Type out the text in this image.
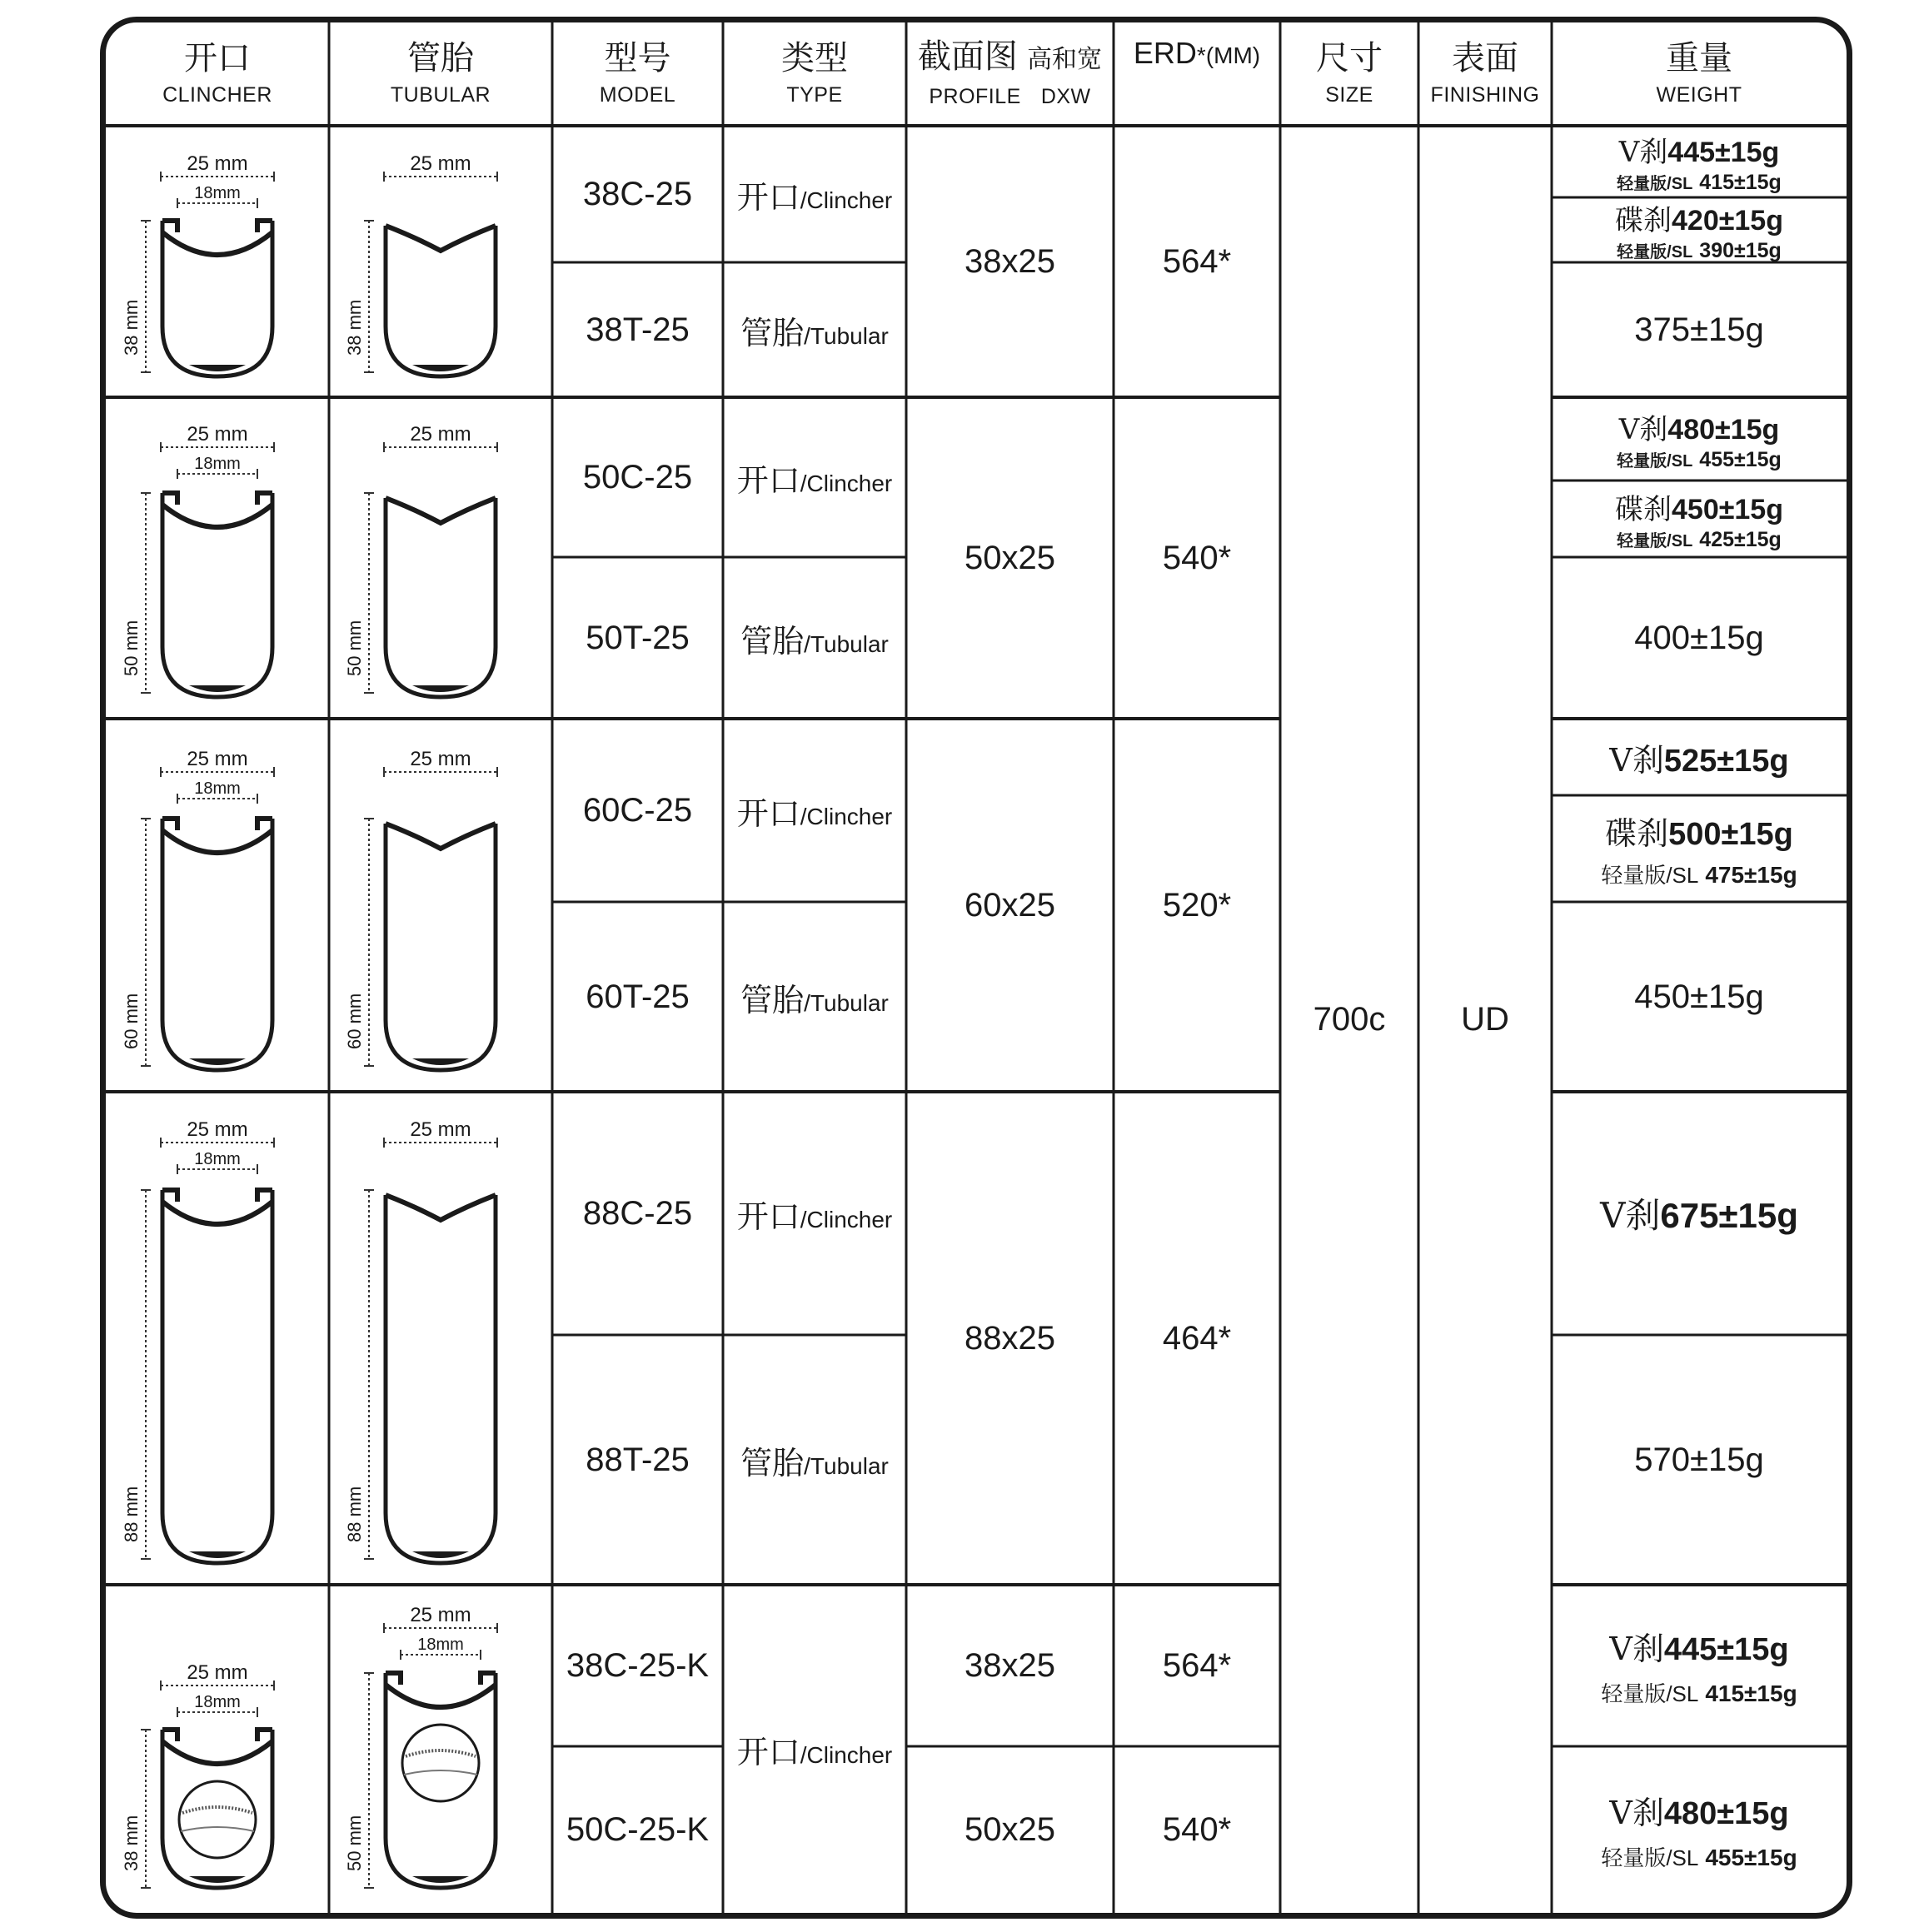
25 mm
18mm
38 mm
25 mm
38 mm
25 mm
18mm
50 mm
25 mm
50 mm
25 mm
18mm
60 mm
25 mm
60 mm
25 mm
18mm
88 mm
25 mm
88 mm
25 mm
18mm
38 mm
25 mm
18mm
50 mm
开口
CLINCHER
管胎
TUBULAR
型号
MODEL
类型
TYPE
截面图 高和宽
PROFILE DXW
ERD*(MM) 尺寸
SIZE
表面
FINISHING
重量
WEIGHT
38C-25
38T-25
50C-25
50T-25
60C-25
60T-25
88C-25
88T-25
38C-25-K
50C-25-K
开口 /Clincher
管胎 /Tubular
开口 /Clincher
管胎 /Tubular
开口 /Clincher
管胎 /Tubular
开口 /Clincher
管胎 /Tubular
开口 /Clincher
38x25
50x25
60x25
88x25
38x25
50x25
564*
540*
520*
464*
564*
540*
700c	UD
V刹 445±15g
轻量版/SL 415±15g
碟刹 420±15g
轻量版/SL 390±15g
375±15g
V刹 480±15g
轻量版/SL 455±15g
碟刹 450±15g
轻量版/SL 425±15g
400±15g
V刹 525±15g
碟刹 500±15g
轻量版/SL 475±15g
450±15g
V刹 675±15g
570±15g
V刹 445±15g
轻量版/SL 415±15g
V刹 480±15g
轻量版/SL 455±15g
